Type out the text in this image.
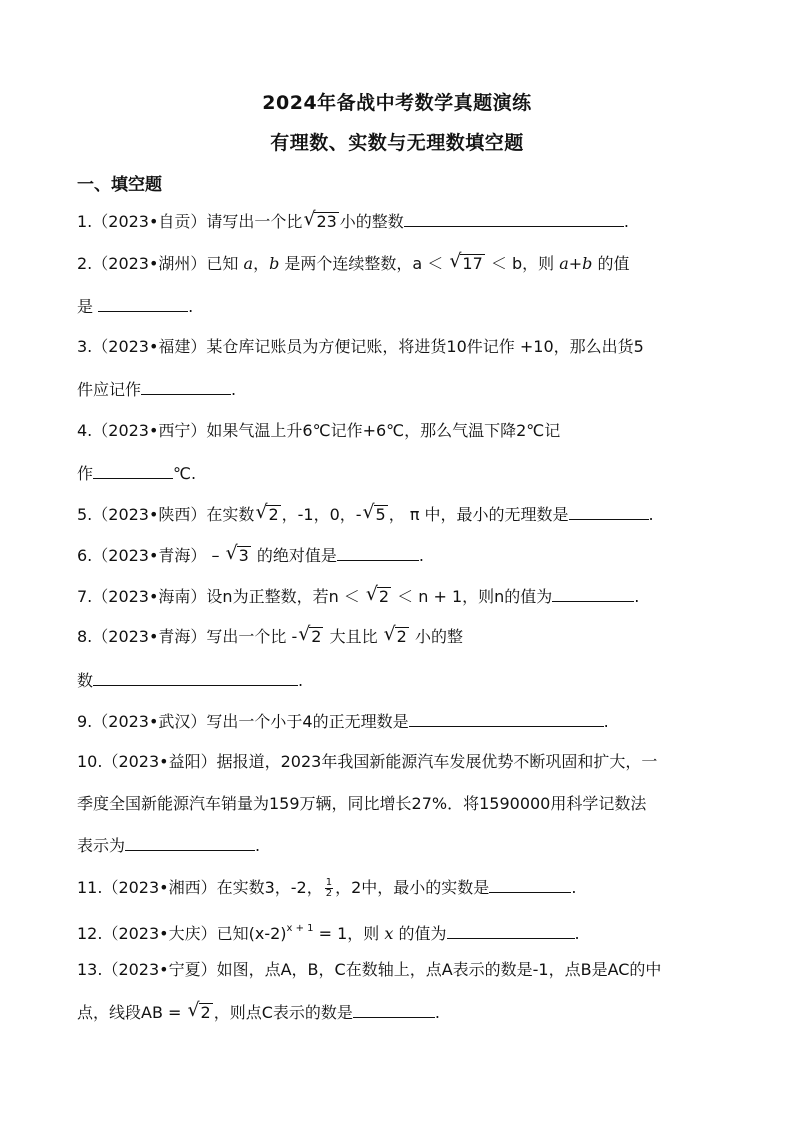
2024年备战中考数学真题演练
有理数、实数与无理数填空题
一、填空题
1.（2023•自贡）请写出一个比 √ 23 小的整数	.
2.（2023•湖州）已知 a，b 是两个连续整数，a ＜ √ 17 ＜ b，则 a+b 的值
是	.
3.（2023•福建）某仓库记账员为方便记账，将进货10件记作 +10，那么出货5
件应记作	.
4.（2023•西宁）如果气温上升6℃记作+6℃，那么气温下降2℃记
作	℃.
5.（2023•陕西）在实数 √ 2 ，-1，0，- √ 5 ， π 中，最小的无理数是	.
6.（2023•青海） – √ 3 的绝对值是	.
7.（2023•海南）设n为正整数，若n ＜ √ 2 ＜ n + 1，则n的值为	.
8.（2023•青海）写出一个比 - √ 2 大且比 √ 2 小的整
数	.
9.（2023•武汉）写出一个小于4的正无理数是	.
10.（2023•益阳）据报道，2023年我国新能源汽车发展优势不断巩固和扩大，一
季度全国新能源汽车销量为159万辆，同比增长27%．将1590000用科学记数法
表示为	.
11.（2023•湘西）在实数3，-2， $\frac{1}{2}$ ，2中，最小的实数是	.
12.（2023•大庆）已知$(x-2)^{x + 1} = 1$，则 x 的值为	.
13.（2023•宁夏）如图，点A，B，C在数轴上，点A表示的数是-1，点B是AC的中
点，线段AB = √ 2 ，则点C表示的数是	.
